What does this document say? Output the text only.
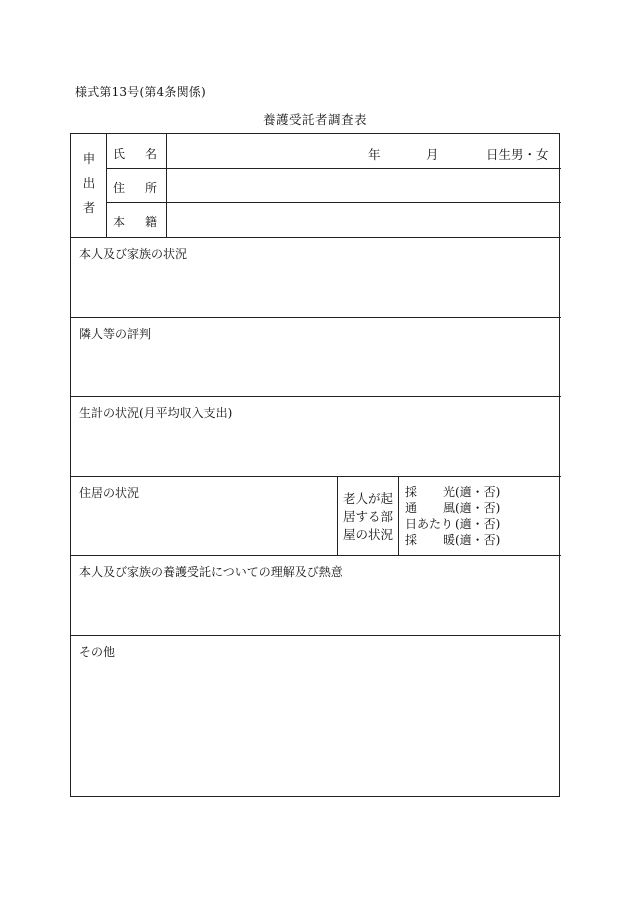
様式第13号(第4条関係)
養護受託者調査表
申出者 氏 名	年	月	日生男・女
住 所
本 籍
本人及び家族の状況
隣人等の評判
生計の状況(月平均収入支出)
住居の状況	老人が起居する部屋の状況
採 光 (適・否)
通 風 (適・否)
日あたり (適・否)
採 暖 (適・否)
本人及び家族の養護受託についての理解及び熱意
その他
